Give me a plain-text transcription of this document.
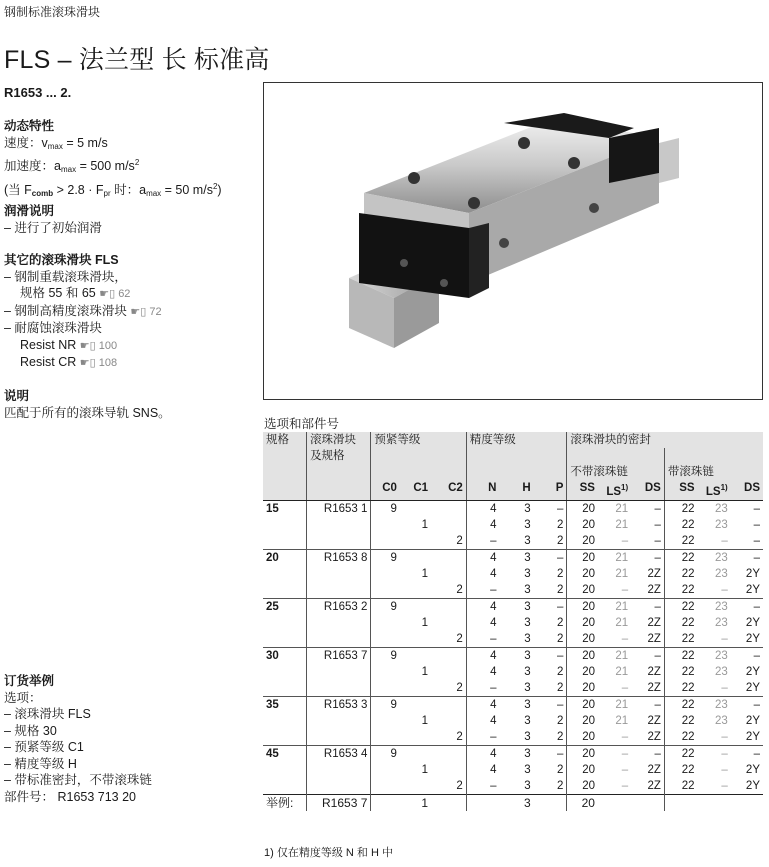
钢制标准滚珠滑块
FLS – 法兰型 长 标准高
R1653 ... 2.
动态特性
速度：$v_{max} = 5$ m/s
加速度：$a_{max} = 500$ $m/s^2$
(当 $F_{comb} > 2.8 \cdot F_{pr}$ 时：$a_{max} = 50$ $m/s^2$)
润滑说明
– 进行了初始润滑
其它的滚珠滑块 FLS
– 钢制重载滚珠滑块，
规格 55 和 65 ☛▯ 62
– 钢制高精度滚珠滑块 ☛▯ 72
– 耐腐蚀滚珠滑块
Resist NR ☛▯ 100
Resist CR ☛▯ 108
说明
匹配于所有的滚珠导轨 SNS。
订货举例
选项：
– 滚珠滑块 FLS
– 规格 30
– 预紧等级 C1
– 精度等级 H
– 带标准密封，不带滚珠链
部件号： R1653 713 20
选项和部件号
规格	滚珠滑块及规格	预紧等级			精度等级			滚珠滑块的密封					
								不带滚珠链			带滚珠链		
		C0	C1	C2	N	H	P	SS	LS$^{1)}$	DS	SS	LS$^{1)}$	DS
15	R1653 1	9			4	3	–	20	21	–	22	23	–
			1		4	3	2	20	21	–	22	23	–
				2	–	3	2	20	–	–	22	–	–
20	R1653 8	9			4	3	–	20	21	–	22	23	–
			1		4	3	2	20	21	2Z	22	23	2Y
				2	–	3	2	20	–	2Z	22	–	2Y
25	R1653 2	9			4	3	–	20	21	–	22	23	–
			1		4	3	2	20	21	2Z	22	23	2Y
				2	–	3	2	20	–	2Z	22	–	2Y
30	R1653 7	9			4	3	–	20	21	–	22	23	–
			1		4	3	2	20	21	2Z	22	23	2Y
				2	–	3	2	20	–	2Z	22	–	2Y
35	R1653 3	9			4	3	–	20	21	–	22	23	–
			1		4	3	2	20	21	2Z	22	23	2Y
				2	–	3	2	20	–	2Z	22	–	2Y
45	R1653 4	9			4	3	–	20	–	–	22	–	–
			1		4	3	2	20	–	2Z	22	–	2Y
				2	–	3	2	20	–	2Z	22	–	2Y
举例:	R1653 7		1			3		20					
1) 仅在精度等级 N 和 H 中
